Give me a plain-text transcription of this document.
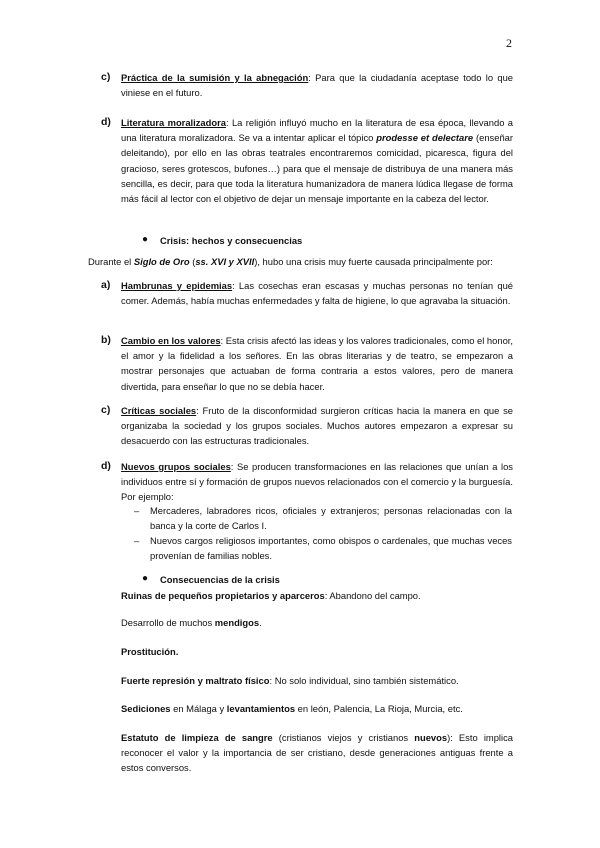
2
c) Práctica de la sumisión y la abnegación: Para que la ciudadanía aceptase todo lo que viniese en el futuro.
d) Literatura moralizadora: La religión influyó mucho en la literatura de esa época, llevando a una literatura moralizadora. Se va a intentar aplicar el tópico prodesse et delectare (enseñar deleitando), por ello en las obras teatrales encontraremos comicidad, picaresca, figura del gracioso, seres grotescos, bufones…) para que el mensaje de distribuya de una manera más sencilla, es decir, para que toda la literatura humanizadora de manera lúdica llegase de forma más fácil al lector con el objetivo de dejar un mensaje importante en la cabeza del lector.
● Crisis: hechos y consecuencias
Durante el Siglo de Oro (ss. XVI y XVII), hubo una crisis muy fuerte causada principalmente por:
a) Hambrunas y epidemias: Las cosechas eran escasas y muchas personas no tenían qué comer. Además, había muchas enfermedades y falta de higiene, lo que agravaba la situación.
b) Cambio en los valores: Esta crisis afectó las ideas y los valores tradicionales, como el honor, el amor y la fidelidad a los señores. En las obras literarias y de teatro, se empezaron a mostrar personajes que actuaban de forma contraria a estos valores, pero de manera divertida, para enseñar lo que no se debía hacer.
c) Críticas sociales: Fruto de la disconformidad surgieron críticas hacia la manera en que se organizaba la sociedad y los grupos sociales. Muchos autores empezaron a expresar su desacuerdo con las estructuras tradicionales.
d) Nuevos grupos sociales: Se producen transformaciones en las relaciones que unían a los individuos entre sí y formación de grupos nuevos relacionados con el comercio y la burguesía. Por ejemplo:
– Mercaderes, labradores ricos, oficiales y extranjeros; personas relacionadas con la banca y la corte de Carlos I.
– Nuevos cargos religiosos importantes, como obispos o cardenales, que muchas veces provenían de familias nobles.
● Consecuencias de la crisis
Ruinas de pequeños propietarios y aparceros: Abandono del campo.
Desarrollo de muchos mendigos.
Prostitución.
Fuerte represión y maltrato físico: No solo individual, sino también sistemático.
Sediciones en Málaga y levantamientos en león, Palencia, La Rioja, Murcia, etc.
Estatuto de limpieza de sangre (cristianos viejos y cristianos nuevos): Esto implica reconocer el valor y la importancia de ser cristiano, desde generaciones antiguas frente a estos conversos.
